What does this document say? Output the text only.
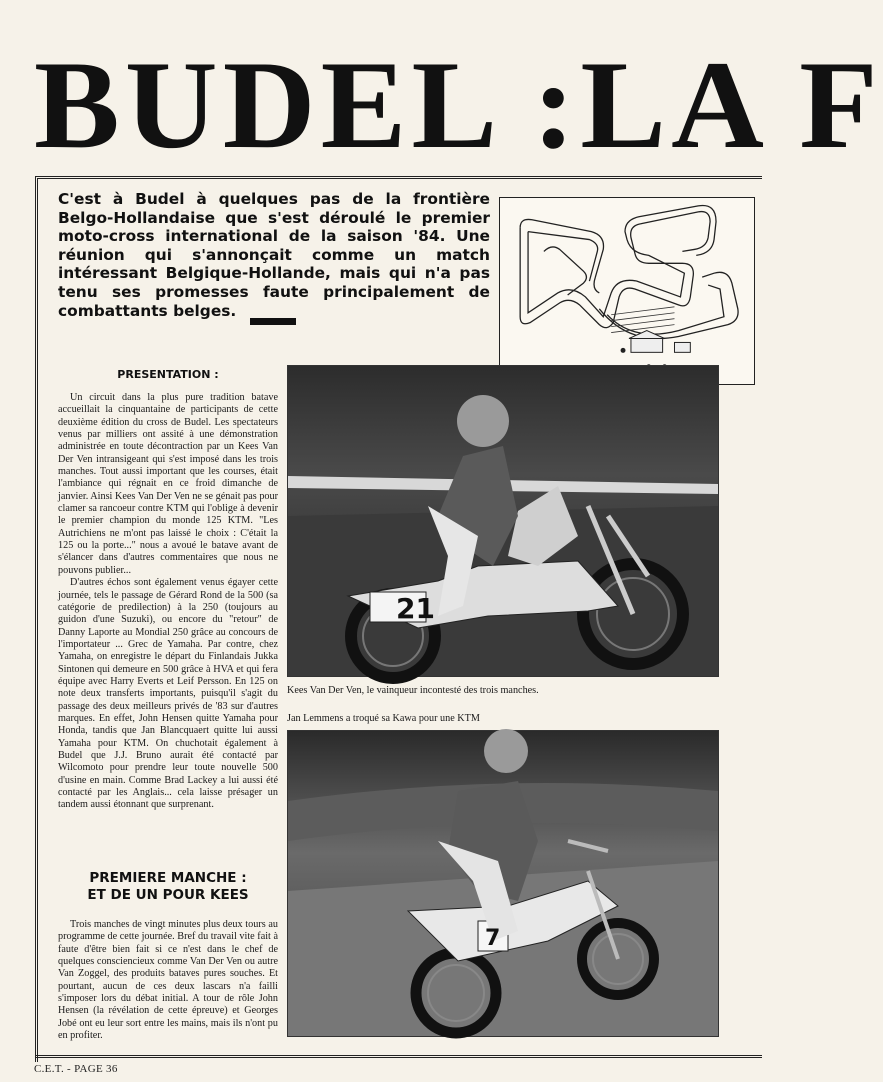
BUDEL :LA F
C'est à Budel à quelques pas de la frontière Belgo-Hollandaise que s'est déroulé le premier moto-cross international de la saison '84. Une réunion qui s'annonçait comme un match intéressant Belgique-Hollande, mais qui n'a pas tenu ses promesses faute principalement de combattants belges.
PRESENTATION :
Un circuit dans la plus pure tradition batave accueillait la cinquantaine de participants de cette deuxième édition du cross de Budel. Les spectateurs venus par milliers ont assité à une démonstration administrée en toute décontraction par un Kees Van Der Ven intransigeant qui s'est imposé dans les trois manches. Tout aussi important que les courses, était l'ambiance qui régnait en ce froid dimanche de janvier. Ainsi Kees Van Der Ven ne se génait pas pour clamer sa rancoeur contre KTM qui l'oblige à devenir le premier champion du monde 125 KTM. "Les Autrichiens ne m'ont pas laissé le choix : C'était la 125 ou la porte..." nous a avoué le batave avant de s'élancer dans d'autres commentaires que nous ne pouvons publier...
D'autres échos sont également venus égayer cette journée, tels le passage de Gérard Rond de la 500 (sa catégorie de predilection) à la 250 (toujours au guidon d'une Suzuki), ou encore du "retour" de Danny Laporte au Mondial 250 grâce au concours de l'importateur ... Grec de Yamaha. Par contre, chez Yamaha, on enregistre le départ du Finlandais Jukka Sintonen qui demeure en 500 grâce à HVA et qui fera équipe avec Harry Everts et Leif Persson. En 125 on note deux transferts importants, puisqu'il s'agit du passage des deux meilleurs privés de '83 sur d'autres marques. En effet, John Hensen quitte Yamaha pour Honda, tandis que Jan Blancquaert quitte lui aussi Yamaha pour KTM. On chuchotait également à Budel que J.J. Bruno aurait été contacté par Wilcomoto pour prendre leur toute nouvelle 500 d'usine en main. Comme Brad Lackey a lui aussi été contacté par les Anglais... cela laisse présager un tandem aussi étonnant que surprenant.
PREMIERE MANCHE :
ET DE UN POUR KEES
Trois manches de vingt minutes plus deux tours au programme de cette journée. Bref du travail vite fait à faute d'être bien fait si ce n'est dans le chef de quelques consciencieux comme Van Der Ven ou autre Van Zoggel, des produits bataves pures souches. Et pourtant, aucun de ces deux lascars n'a failli s'imposer lors du débat initial. A tour de rôle John Hensen (la révélation de cette épreuve) et Georges Jobé ont eu leur sort entre les mains, mais ils n'ont pu en profiter.
21
Kees Van Der Ven, le vainqueur incontesté des trois manches.
Jan Lemmens a troqué sa Kawa pour une KTM
7
C.E.T. - PAGE 36
